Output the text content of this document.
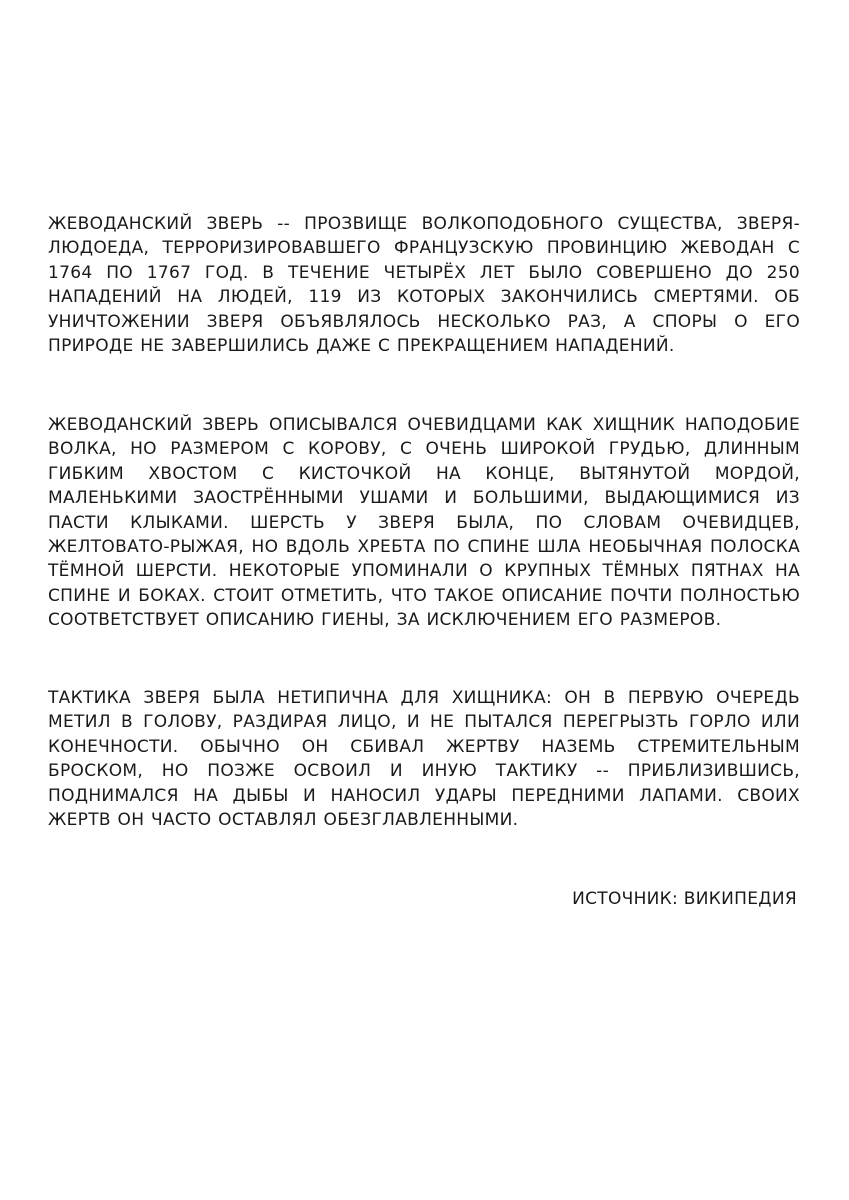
ЖЕВОДАНСКИЙ ЗВЕРЬ -- ПРОЗВИЩЕ ВОЛКОПОДОБНОГО СУЩЕСТВА, ЗВЕРЯ-ЛЮДОЕДА, ТЕРРОРИЗИРОВАВШЕГО ФРАНЦУЗСКУЮ ПРОВИНЦИЮ ЖЕВОДАН С 1764 ПО 1767 ГОД. В ТЕЧЕНИЕ ЧЕТЫРЁХ ЛЕТ БЫЛО СОВЕРШЕНО ДО 250 НАПАДЕНИЙ НА ЛЮДЕЙ, 119 ИЗ КОТОРЫХ ЗАКОНЧИЛИСЬ СМЕРТЯМИ. ОБ УНИЧТОЖЕНИИ ЗВЕРЯ ОБЪЯВЛЯЛОСЬ НЕСКОЛЬКО РАЗ, А СПОРЫ О ЕГО ПРИРОДЕ НЕ ЗАВЕРШИЛИСЬ ДАЖЕ С ПРЕКРАЩЕНИЕМ НАПАДЕНИЙ.

ЖЕВОДАНСКИЙ ЗВЕРЬ ОПИСЫВАЛСЯ ОЧЕВИДЦАМИ КАК ХИЩНИК НАПОДОБИЕ ВОЛКА, НО РАЗМЕРОМ С КОРОВУ, С ОЧЕНЬ ШИРОКОЙ ГРУДЬЮ, ДЛИННЫМ ГИБКИМ ХВОСТОМ С КИСТОЧКОЙ НА КОНЦЕ, ВЫТЯНУТОЙ МОРДОЙ, МАЛЕНЬКИМИ ЗАОСТРЁННЫМИ УШАМИ И БОЛЬШИМИ, ВЫДАЮЩИМИСЯ ИЗ ПАСТИ КЛЫКАМИ. ШЕРСТЬ У ЗВЕРЯ БЫЛА, ПО СЛОВАМ ОЧЕВИДЦЕВ, ЖЕЛТОВАТО-РЫЖАЯ, НО ВДОЛЬ ХРЕБТА ПО СПИНЕ ШЛА НЕОБЫЧНАЯ ПОЛОСКА ТЁМНОЙ ШЕРСТИ. НЕКОТОРЫЕ УПОМИНАЛИ О КРУПНЫХ ТЁМНЫХ ПЯТНАХ НА СПИНЕ И БОКАХ. СТОИТ ОТМЕТИТЬ, ЧТО ТАКОЕ ОПИСАНИЕ ПОЧТИ ПОЛНОСТЬЮ СООТВЕТСТВУЕТ ОПИСАНИЮ ГИЕНЫ, ЗА ИСКЛЮЧЕНИЕМ ЕГО РАЗМЕРОВ.

ТАКТИКА ЗВЕРЯ БЫЛА НЕТИПИЧНА ДЛЯ ХИЩНИКА: ОН В ПЕРВУЮ ОЧЕРЕДЬ МЕТИЛ В ГОЛОВУ, РАЗДИРАЯ ЛИЦО, И НЕ ПЫТАЛСЯ ПЕРЕГРЫЗТЬ ГОРЛО ИЛИ КОНЕЧНОСТИ. ОБЫЧНО ОН СБИВАЛ ЖЕРТВУ НАЗЕМЬ СТРЕМИТЕЛЬНЫМ БРОСКОМ, НО ПОЗЖЕ ОСВОИЛ И ИНУЮ ТАКТИКУ -- ПРИБЛИЗИВШИСЬ, ПОДНИМАЛСЯ НА ДЫБЫ И НАНОСИЛ УДАРЫ ПЕРЕДНИМИ ЛАПАМИ. СВОИХ ЖЕРТВ ОН ЧАСТО ОСТАВЛЯЛ ОБЕЗГЛАВЛЕННЫМИ.

ИСТОЧНИК: ВИКИПЕДИЯ
